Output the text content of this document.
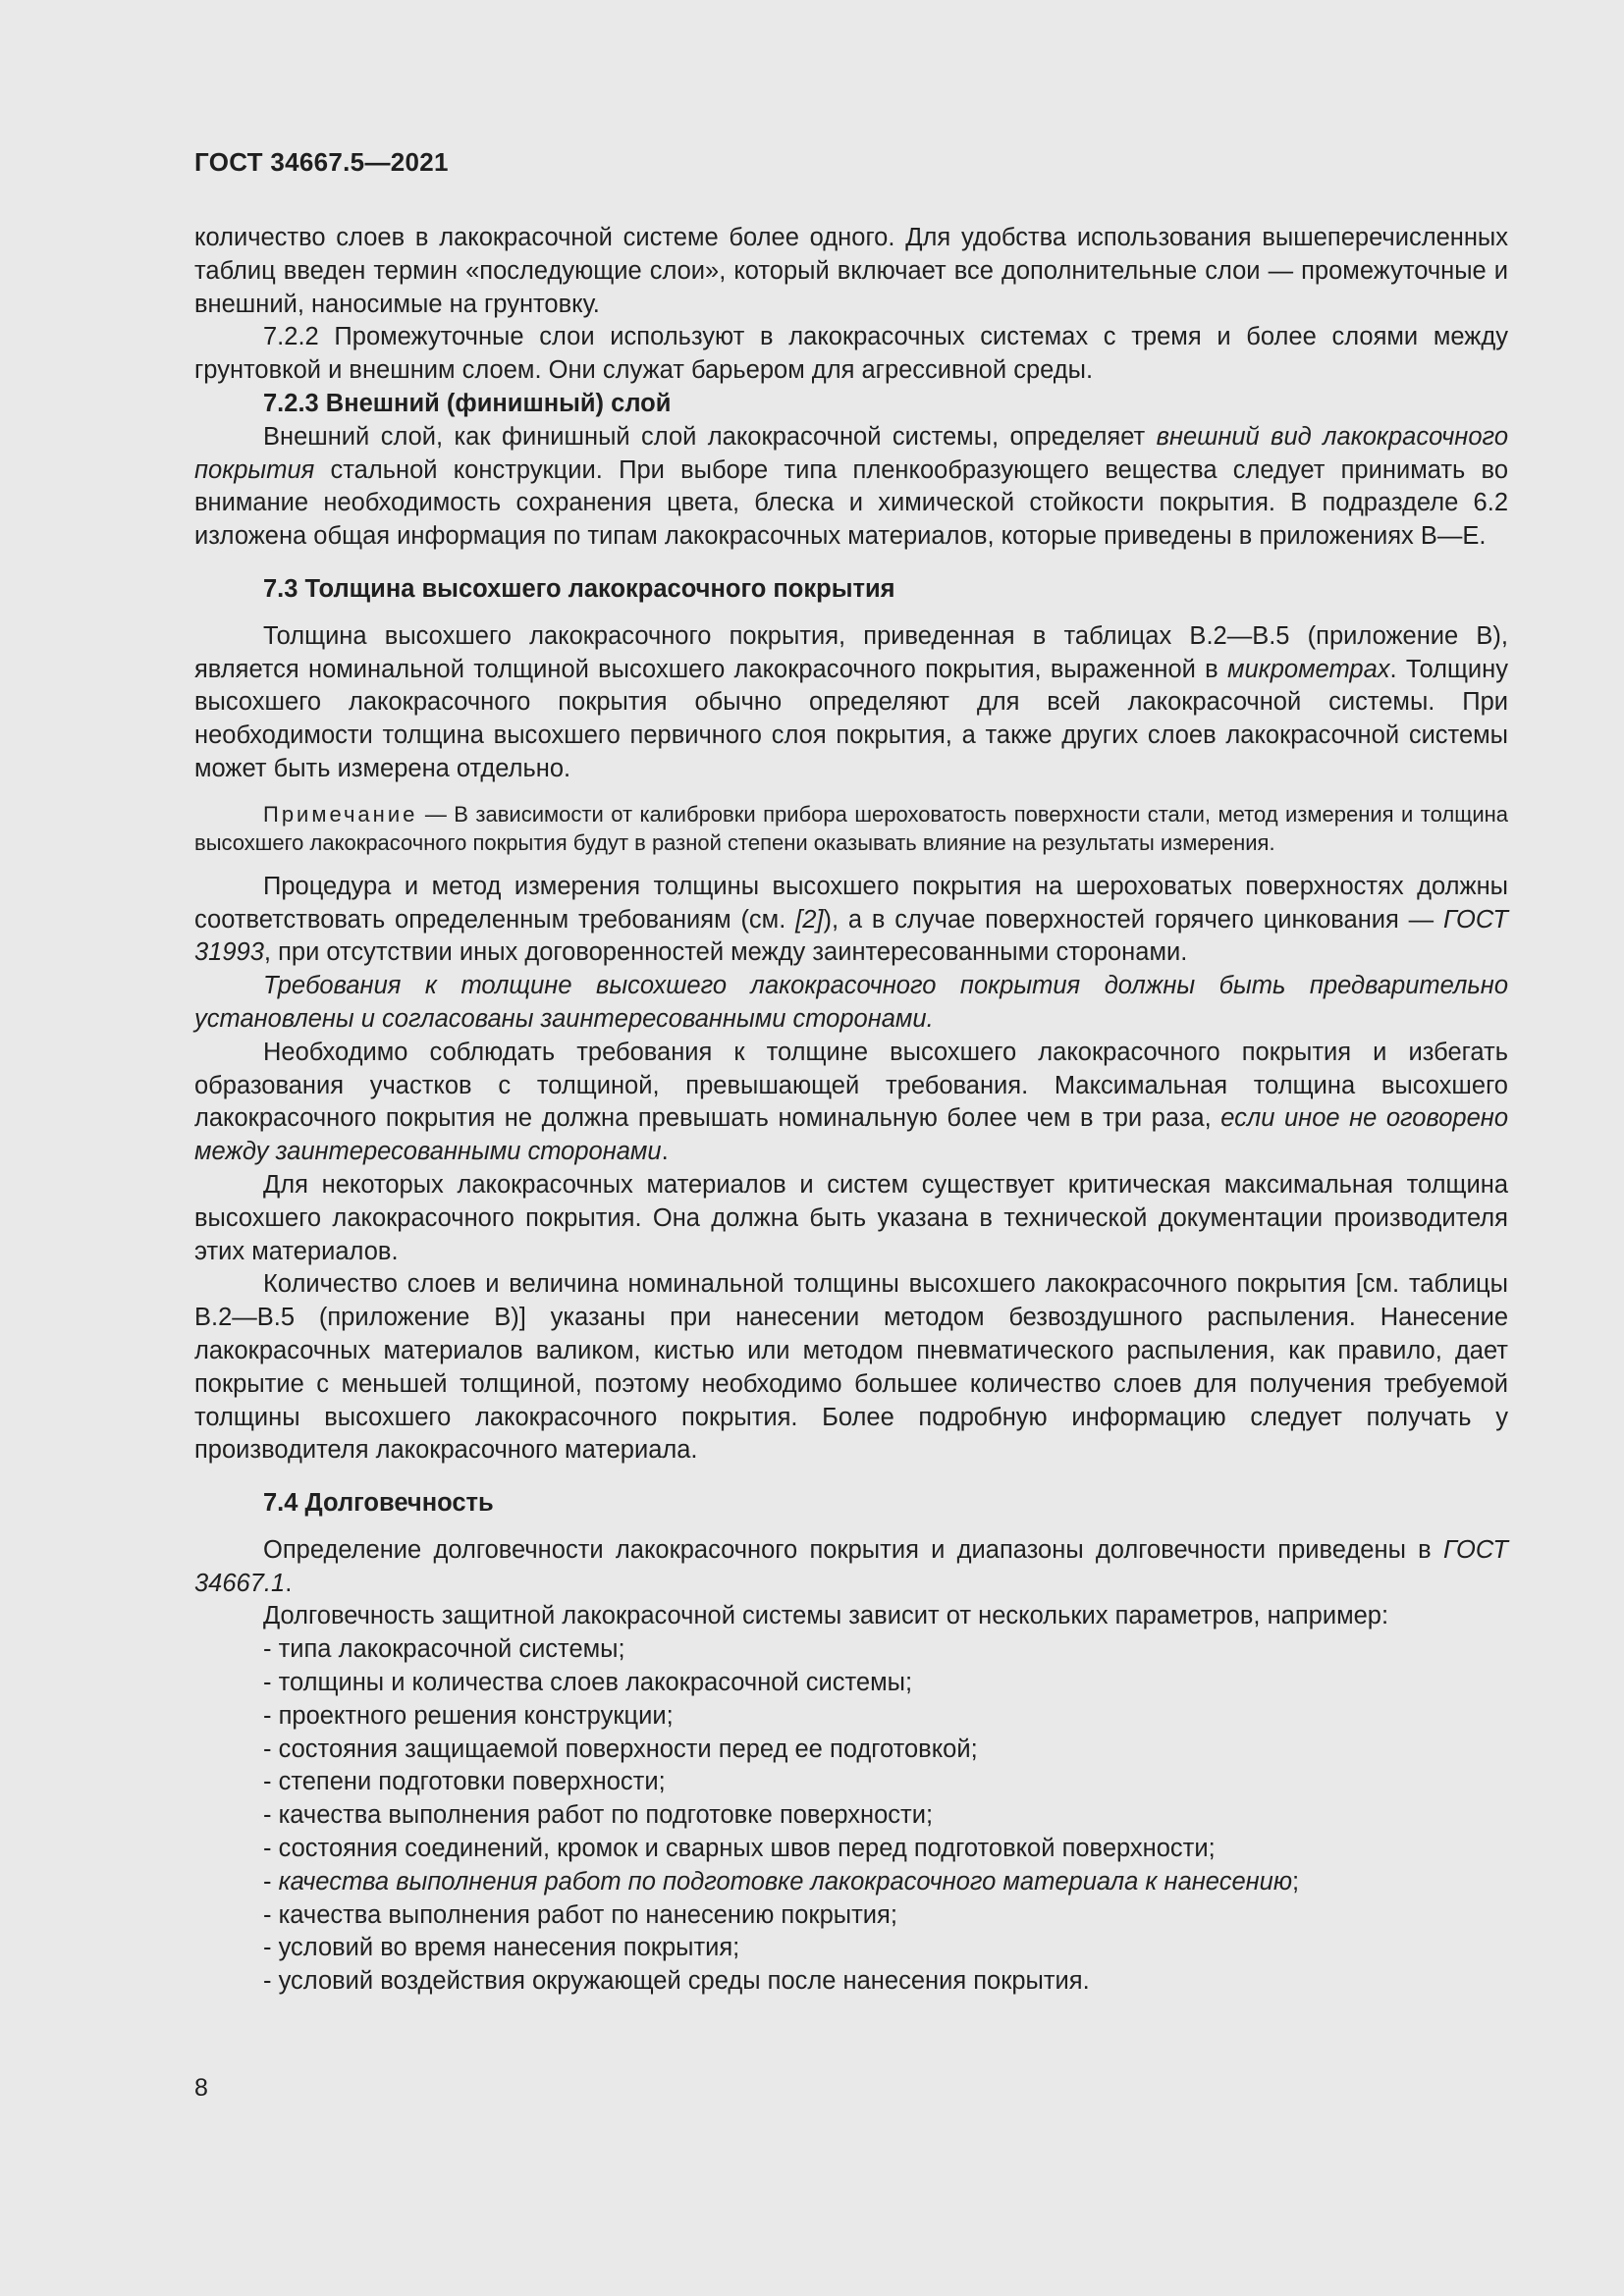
ГОСТ 34667.5—2021

количество слоев в лакокрасочной системе более одного. Для удобства использования вышеперечисленных таблиц введен термин «последующие слои», который включает все дополнительные слои — промежуточные и внешний, наносимые на грунтовку.

7.2.2 Промежуточные слои используют в лакокрасочных системах с тремя и более слоями между грунтовкой и внешним слоем. Они служат барьером для агрессивной среды.

7.2.3 Внешний (финишный) слой

Внешний слой, как финишный слой лакокрасочной системы, определяет внешний вид лакокрасочного покрытия стальной конструкции. При выборе типа пленкообразующего вещества следует принимать во внимание необходимость сохранения цвета, блеска и химической стойкости покрытия. В подразделе 6.2 изложена общая информация по типам лакокрасочных материалов, которые приведены в приложениях В—Е.

7.3 Толщина высохшего лакокрасочного покрытия

Толщина высохшего лакокрасочного покрытия, приведенная в таблицах В.2—В.5 (приложение В), является номинальной толщиной высохшего лакокрасочного покрытия, выраженной в микрометрах. Толщину высохшего лакокрасочного покрытия обычно определяют для всей лакокрасочной системы. При необходимости толщина высохшего первичного слоя покрытия, а также других слоев лакокрасочной системы может быть измерена отдельно.

Примечание — В зависимости от калибровки прибора шероховатость поверхности стали, метод измерения и толщина высохшего лакокрасочного покрытия будут в разной степени оказывать влияние на результаты измерения.

Процедура и метод измерения толщины высохшего покрытия на шероховатых поверхностях должны соответствовать определенным требованиям (см. [2]), а в случае поверхностей горячего цинкования — ГОСТ 31993, при отсутствии иных договоренностей между заинтересованными сторонами.

Требования к толщине высохшего лакокрасочного покрытия должны быть предварительно установлены и согласованы заинтересованными сторонами.

Необходимо соблюдать требования к толщине высохшего лакокрасочного покрытия и избегать образования участков с толщиной, превышающей требования. Максимальная толщина высохшего лакокрасочного покрытия не должна превышать номинальную более чем в три раза, если иное не оговорено между заинтересованными сторонами.

Для некоторых лакокрасочных материалов и систем существует критическая максимальная толщина высохшего лакокрасочного покрытия. Она должна быть указана в технической документации производителя этих материалов.

Количество слоев и величина номинальной толщины высохшего лакокрасочного покрытия [см. таблицы В.2—В.5 (приложение В)] указаны при нанесении методом безвоздушного распыления. Нанесение лакокрасочных материалов валиком, кистью или методом пневматического распыления, как правило, дает покрытие с меньшей толщиной, поэтому необходимо большее количество слоев для получения требуемой толщины высохшего лакокрасочного покрытия. Более подробную информацию следует получать у производителя лакокрасочного материала.

7.4 Долговечность

Определение долговечности лакокрасочного покрытия и диапазоны долговечности приведены в ГОСТ 34667.1.

Долговечность защитной лакокрасочной системы зависит от нескольких параметров, например:

- типа лакокрасочной системы;
- толщины и количества слоев лакокрасочной системы;
- проектного решения конструкции;
- состояния защищаемой поверхности перед ее подготовкой;
- степени подготовки поверхности;
- качества выполнения работ по подготовке поверхности;
- состояния соединений, кромок и сварных швов перед подготовкой поверхности;
- качества выполнения работ по подготовке лакокрасочного материала к нанесению;
- качества выполнения работ по нанесению покрытия;
- условий во время нанесения покрытия;
- условий воздействия окружающей среды после нанесения покрытия.
8
